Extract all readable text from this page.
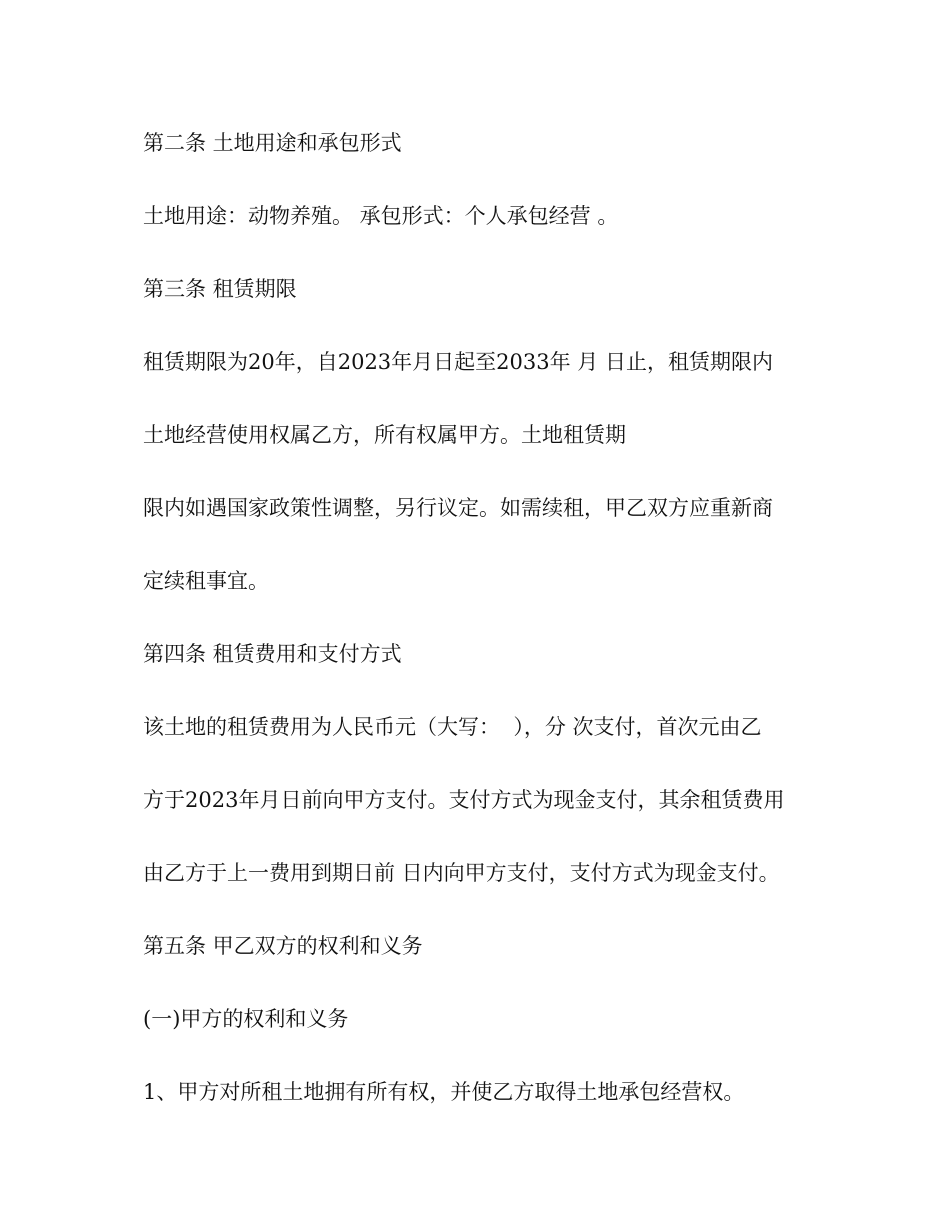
第二条 土地用途和承包形式
土地用途：动物养殖。 承包形式：个人承包经营 。
第三条 租赁期限
租赁期限为20年，自2023年月日起至2033年 月 日止，租赁期限内
土地经营使用权属乙方，所有权属甲方。土地租赁期
限内如遇国家政策性调整，另行议定。如需续租，甲乙双方应重新商
定续租事宜。
第四条 租赁费用和支付方式
该土地的租赁费用为人民币元（大写：  ），分 次支付，首次元由乙
方于2023年月日前向甲方支付。支付方式为现金支付，其余租赁费用
由乙方于上一费用到期日前 日内向甲方支付，支付方式为现金支付。
第五条 甲乙双方的权利和义务
(一)甲方的权利和义务
1、甲方对所租土地拥有所有权，并使乙方取得土地承包经营权。
